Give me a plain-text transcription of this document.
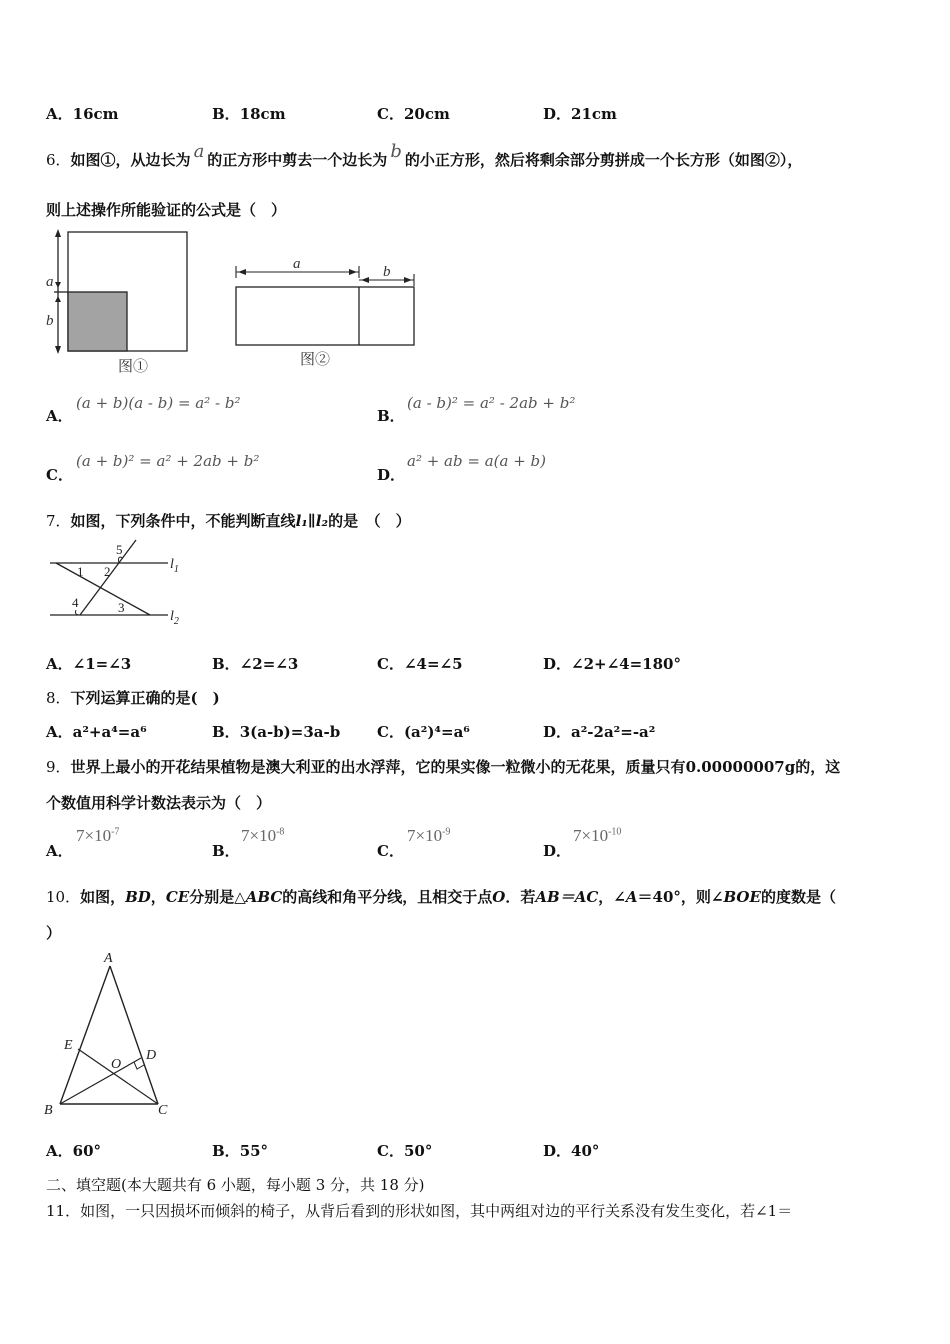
A．16cm	B．18cm	C．20cm	D．21cm
6．如图①，从边长为 a 的正方形中剪去一个边长为 b 的小正方形，然后将剩余部分剪拼成一个长方形（如图②），
则上述操作所能验证的公式是（　）
a
b
图①
a	b
图②
A．
(a + b)(a - b) = a² - b²
B．
(a - b)² = a² - 2ab + b²
C．
(a + b)² = a² + 2ab + b²
D．
a² + ab = a(a + b)
7．如图，下列条件中，不能判断直线l₁∥l₂的是　（　）
5
1 2
4	3
$l_1$
$l_2$
A．∠1=∠3	B．∠2=∠3	C．∠4=∠5	D．∠2+∠4=180°
8．下列运算正确的是(　)
A．a²+a⁴=a⁶	B．3(a-b)=3a-b C．(a²)⁴=a⁶	D．a²-2a²=-a²
9．世界上最小的开花结果植物是澳大利亚的出水浮萍，它的果实像一粒微小的无花果，质量只有0.00000007g的，这
个数值用科学计数法表示为（　）
A．
$7\times 10^{-7}$
B．
$7\times 10^{-8}$
C．
$7\times 10^{-9}$
D．
$7\times 10^{-10}$
10．如图，BD，CE分别是△ABC的高线和角平分线，且相交于点O．若AB＝AC，∠A＝40°，则∠BOE的度数是（
）
A
B	C
D
E
O
A．60°	B．55°	C．50°	D．40°
二、填空题(本大题共有 6 小题，每小题 3 分，共 18 分)
11．如图，一只因损坏而倾斜的椅子，从背后看到的形状如图，其中两组对边的平行关系没有发生变化，若∠1＝
